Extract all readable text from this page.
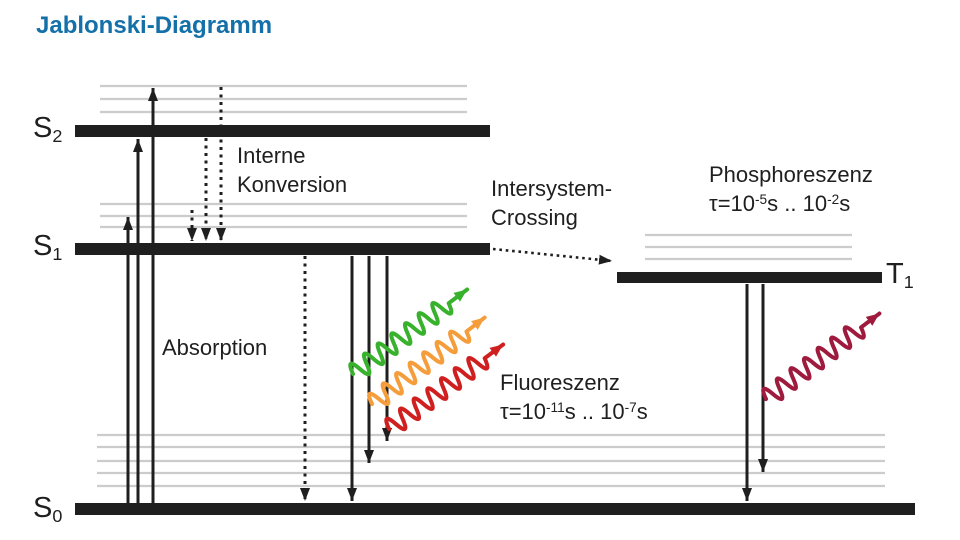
Jablonski-Diagramm
$S_2$
$S_1$
$S_0$
$T_1$
Interne
Konversion	Intersystem-
Crossing
Absorption
Phosphoreszenz
$\tau=10^{-5}s$ .. $10^{-2}s$
Fluoreszenz
$\tau=10^{-11}s$ .. $10^{-7}s$
